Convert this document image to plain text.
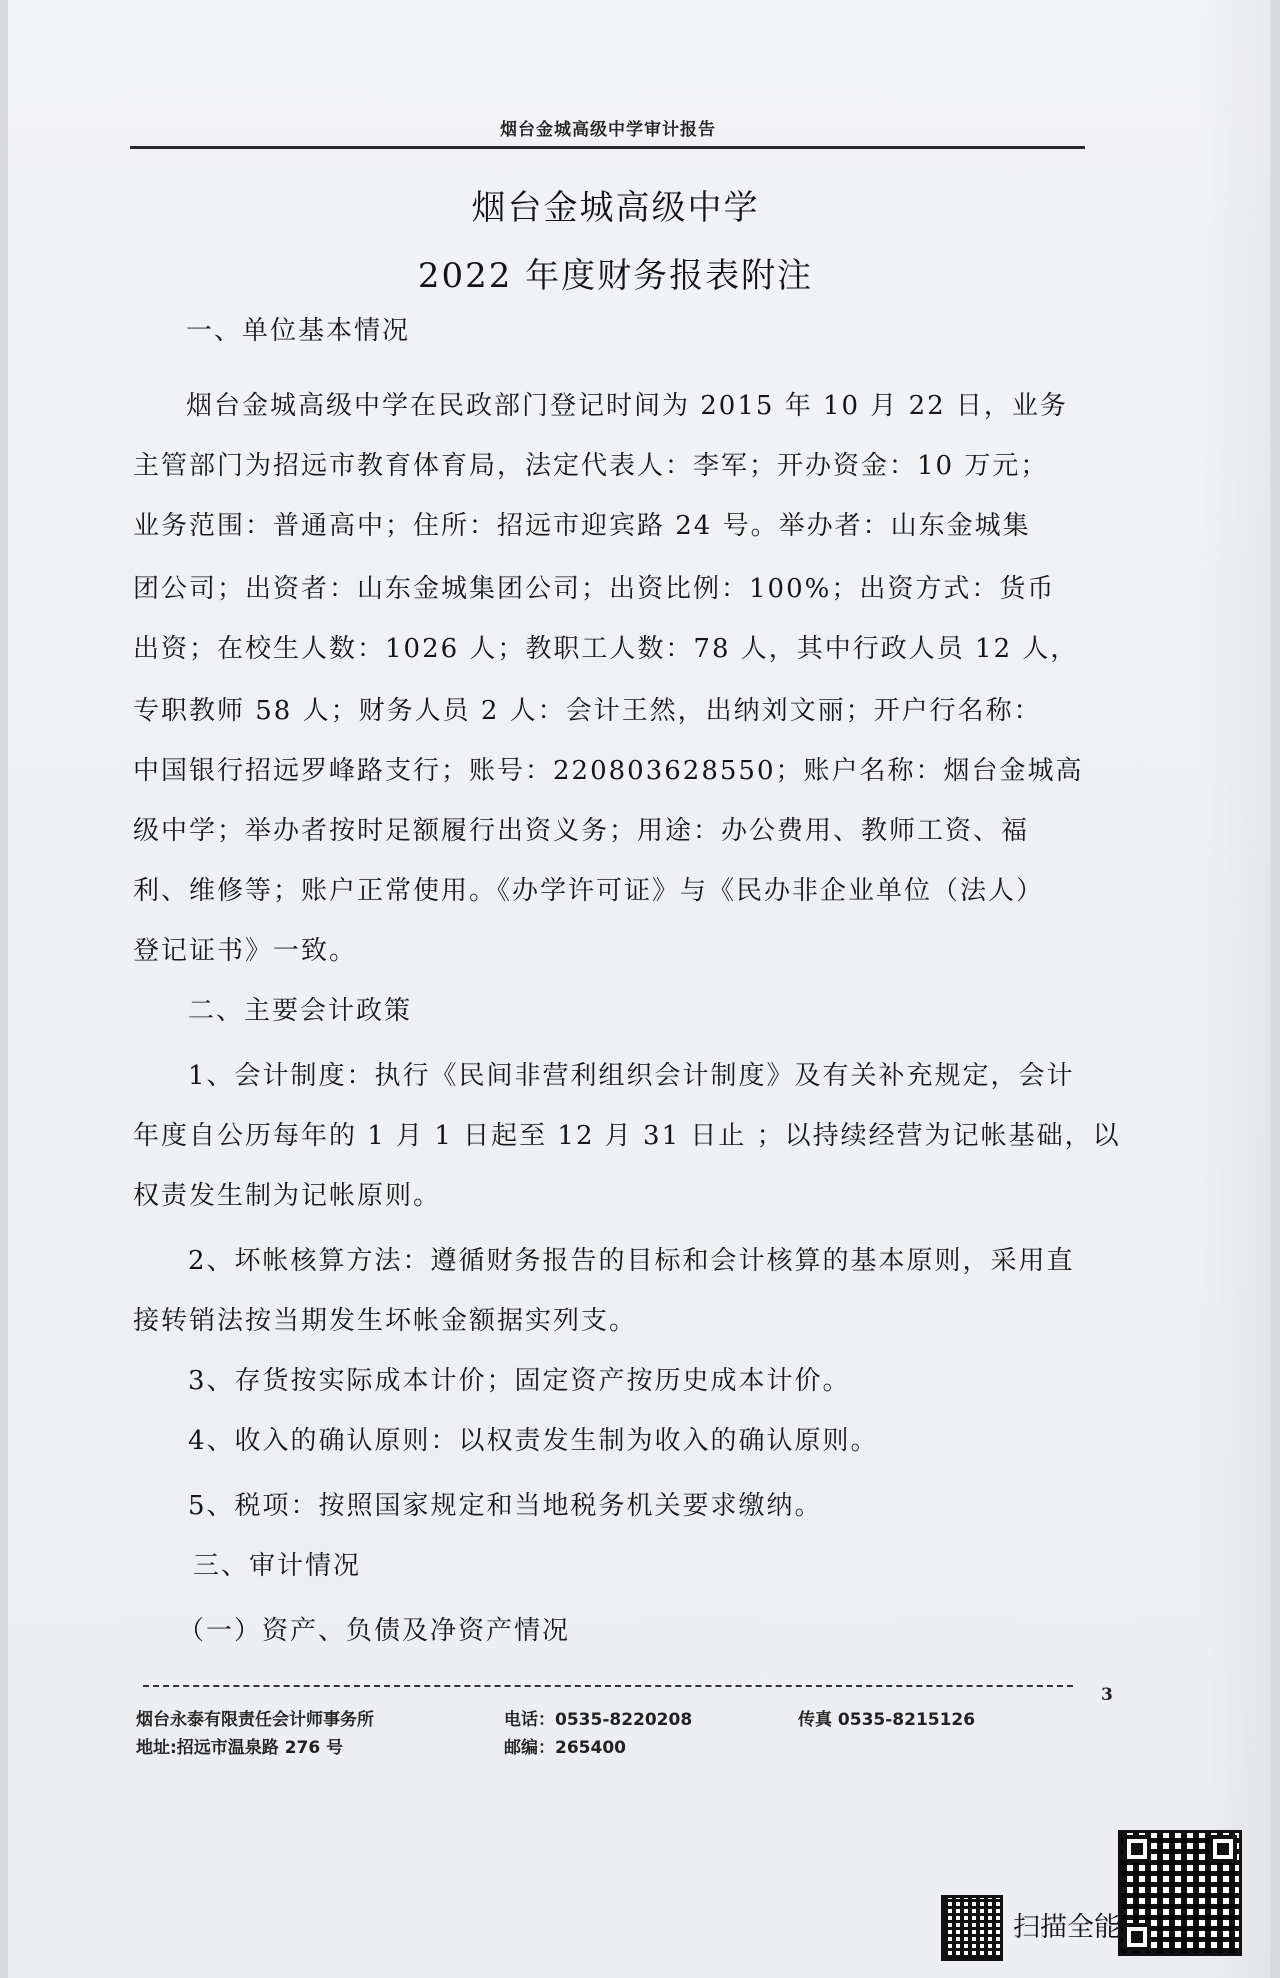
烟台金城高级中学审计报告
烟台金城高级中学
2022 年度财务报表附注
一、单位基本情况
烟台金城高级中学在民政部门登记时间为 2015 年 10 月 22 日，业务
主管部门为招远市教育体育局，法定代表人：李军；开办资金：10 万元；
业务范围：普通高中；住所：招远市迎宾路 24 号。举办者：山东金城集
团公司；出资者：山东金城集团公司；出资比例：100%；出资方式：货币
出资；在校生人数：1026 人；教职工人数：78 人，其中行政人员 12 人，
专职教师 58 人；财务人员 2 人：会计王然，出纳刘文丽；开户行名称：
中国银行招远罗峰路支行；账号：220803628550；账户名称：烟台金城高
级中学；举办者按时足额履行出资义务；用途：办公费用、教师工资、福
利、维修等；账户正常使用。《办学许可证》与《民办非企业单位（法人）
登记证书》一致。
二、主要会计政策
1、会计制度：执行《民间非营利组织会计制度》及有关补充规定，会计
年度自公历每年的 1 月 1 日起至 12 月 31 日止 ；以持续经营为记帐基础，以
权责发生制为记帐原则。
2、坏帐核算方法：遵循财务报告的目标和会计核算的基本原则，采用直
接转销法按当期发生坏帐金额据实列支。
3、存货按实际成本计价；固定资产按历史成本计价。
4、收入的确认原则：以权责发生制为收入的确认原则。
5、税项：按照国家规定和当地税务机关要求缴纳。
三、审计情况
（一）资产、负债及净资产情况
3
烟台永泰有限责任会计师事务所
地址:招远市温泉路 276 号
电话：0535-8220208
邮编：265400
传真 0535-8215126
扫描全能
